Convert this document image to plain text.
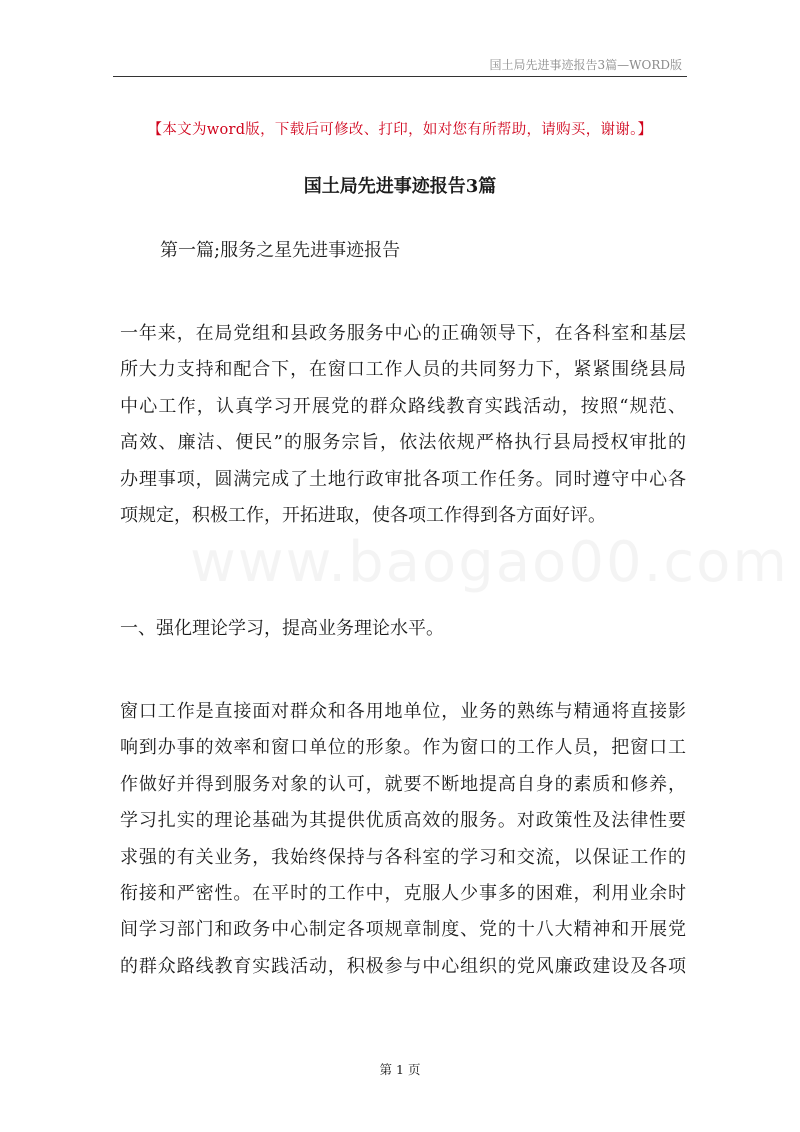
国土局先进事迹报告3篇—WORD版
【本文为word版，下载后可修改、打印，如对您有所帮助，请购买，谢谢。】
国土局先进事迹报告3篇
第一篇;服务之星先进事迹报告
一年来，在局党组和县政务服务中心的正确领导下，在各科室和基层
所大力支持和配合下，在窗口工作人员的共同努力下，紧紧围绕县局
中心工作，认真学习开展党的群众路线教育实践活动，按照“规范、
高效、廉洁、便民”的服务宗旨，依法依规严格执行县局授权审批的
办理事项，圆满完成了土地行政审批各项工作任务。同时遵守中心各
项规定，积极工作，开拓进取，使各项工作得到各方面好评。
一、强化理论学习，提高业务理论水平。
窗口工作是直接面对群众和各用地单位，业务的熟练与精通将直接影
响到办事的效率和窗口单位的形象。作为窗口的工作人员，把窗口工
作做好并得到服务对象的认可，就要不断地提高自身的素质和修养，
学习扎实的理论基础为其提供优质高效的服务。对政策性及法律性要
求强的有关业务，我始终保持与各科室的学习和交流，以保证工作的
衔接和严密性。在平时的工作中，克服人少事多的困难，利用业余时
间学习部门和政务中心制定各项规章制度、党的十八大精神和开展党
的群众路线教育实践活动，积极参与中心组织的党风廉政建设及各项
第 1 页
